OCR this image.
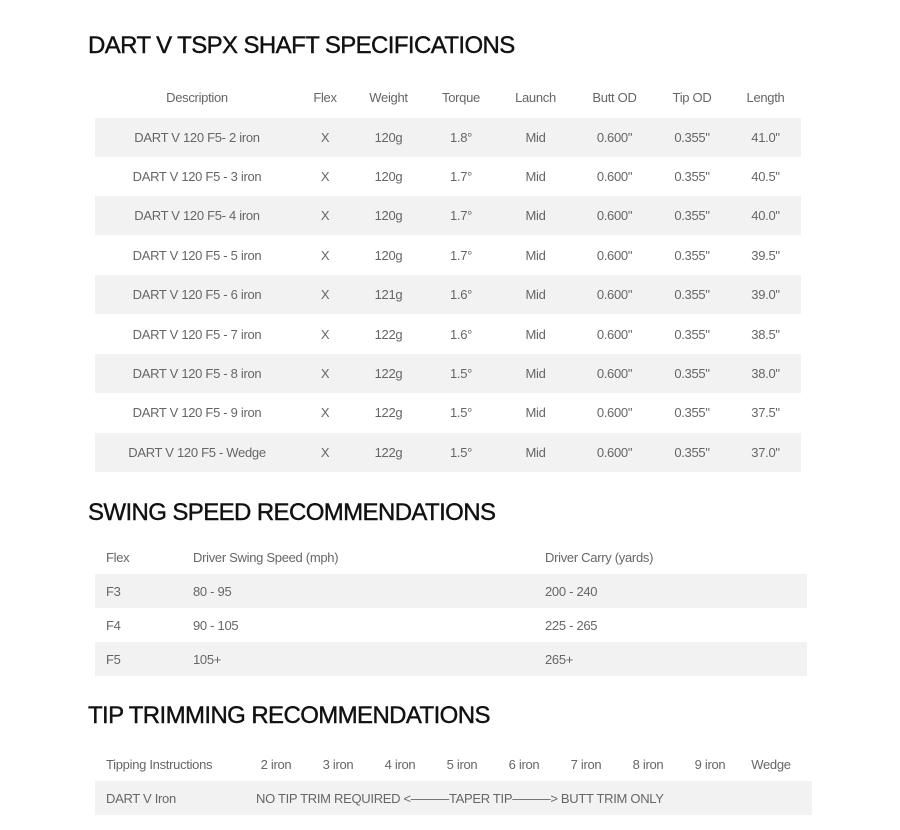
DART V TSPX SHAFT SPECIFICATIONS
Description	Flex	Weight	Torque	Launch	Butt OD	Tip OD	Length
DART V 120 F5- 2 iron	X	120g	1.8°	Mid	0.600"	0.355"	41.0"
DART V 120 F5 - 3 iron	X	120g	1.7°	Mid	0.600"	0.355"	40.5"
DART V 120 F5- 4 iron	X	120g	1.7°	Mid	0.600"	0.355"	40.0"
DART V 120 F5 - 5 iron	X	120g	1.7°	Mid	0.600"	0.355"	39.5"
DART V 120 F5 - 6 iron	X	121g	1.6°	Mid	0.600"	0.355"	39.0"
DART V 120 F5 - 7 iron	X	122g	1.6°	Mid	0.600"	0.355"	38.5"
DART V 120 F5 - 8 iron	X	122g	1.5°	Mid	0.600"	0.355"	38.0"
DART V 120 F5 - 9 iron	X	122g	1.5°	Mid	0.600"	0.355"	37.5"
DART V 120 F5 - Wedge	X	122g	1.5°	Mid	0.600"	0.355"	37.0"
SWING SPEED RECOMMENDATIONS
Flex	Driver Swing Speed (mph)	Driver Carry (yards)
F3	80 - 95	200 - 240
F4	90 - 105	225 - 265
F5	105+	265+
TIP TRIMMING RECOMMENDATIONS
Tipping Instructions	2 iron	3 iron	4 iron	5 iron	6 iron	7 iron	8 iron	9 iron	Wedge
DART V Iron	NO TIP TRIM REQUIRED <———TAPER TIP———> BUTT TRIM ONLY
